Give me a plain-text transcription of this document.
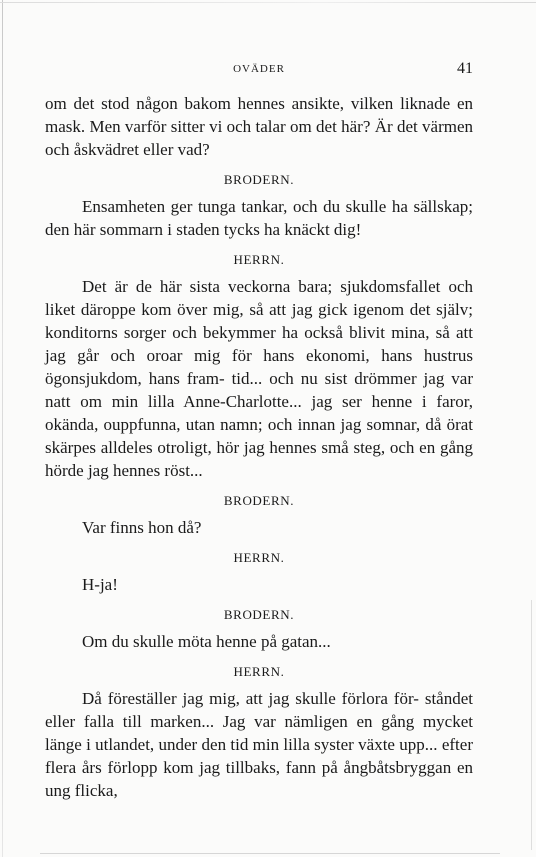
OVÄDER	41

om det stod någon bakom hennes ansikte, vilken liknade en mask. Men varför sitter vi och talar om det här? Är det värmen och åskvädret eller vad?

BRODERN.

Ensamheten ger tunga tankar, och du skulle ha sällskap; den här sommarn i staden tycks ha knäckt dig!

HERRN.

Det är de här sista veckorna bara; sjukdomsfallet och liket däroppe kom över mig, så att jag gick igenom det själv; konditorns sorger och bekymmer ha också blivit mina, så att jag går och oroar mig för hans ekonomi, hans hustrus ögonsjukdom, hans fram- tid... och nu sist drömmer jag var natt om min lilla Anne-Charlotte... jag ser henne i faror, okända, ouppfunna, utan namn; och innan jag somnar, då örat skärpes alldeles otroligt, hör jag hennes små steg, och en gång hörde jag hennes röst...

BRODERN.

Var finns hon då?

HERRN.

H-ja!

BRODERN.

Om du skulle möta henne på gatan...

HERRN.

Då föreställer jag mig, att jag skulle förlora för- ståndet eller falla till marken... Jag var nämligen en gång mycket länge i utlandet, under den tid min lilla syster växte upp... efter flera års förlopp kom jag tillbaks, fann på ångbåtsbryggan en ung flicka,
